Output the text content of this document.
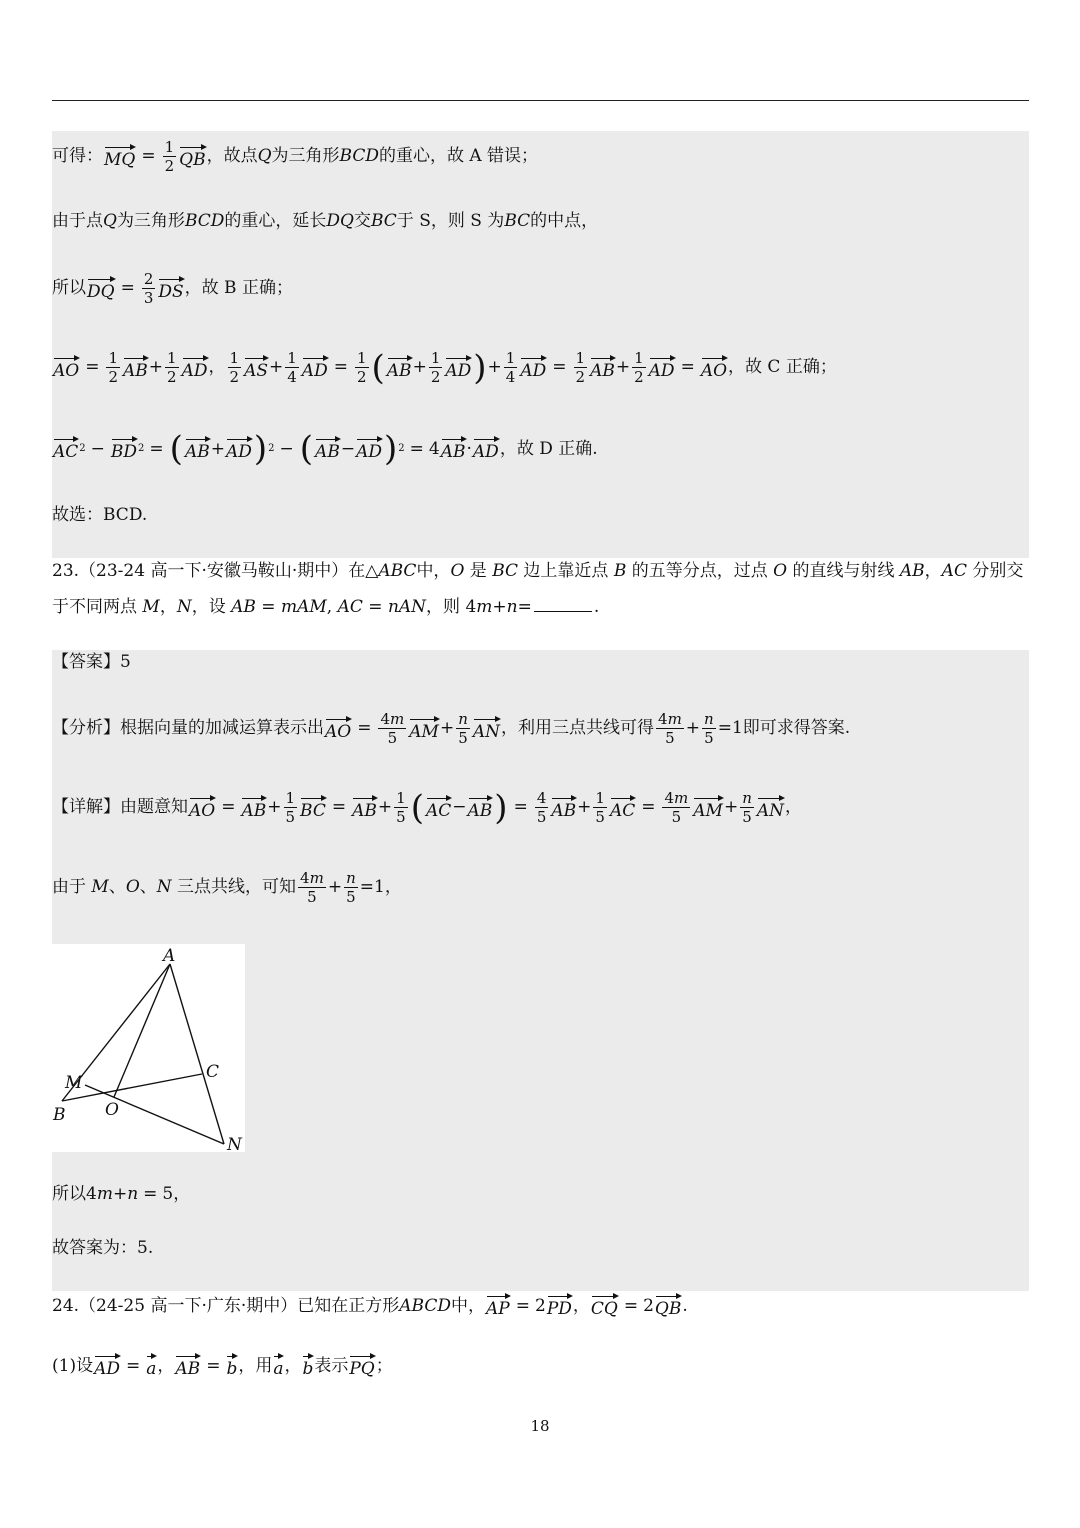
可得： MQ = $\frac{1}{2}$ QB ，故点 Q 为三角形 BCD 的重心，故 A 错误；
由于点 Q 为三角形 BCD 的重心，延长 DQ 交 BC 于 S，则 S 为 BC 的中点，
所以 DQ = $\frac{2}{3}$ DS ，故 B 正确；
AO = $\frac{1}{2}$ AB + $\frac{1}{2}$ AD ， $\frac{1}{2}$ AS + $\frac{1}{4}$ AD = $\frac{1}{2}$ ( AB + $\frac{1}{2}$ AD ) + $\frac{1}{4}$ AD = $\frac{1}{2}$ AB + $\frac{1}{2}$ AD = AO ，故 C 正确；
AC 2 − BD 2 = ( AB + AD ) 2 − ( AB − AD ) 2 = 4 AB · AD ，故 D 正确.
故选：BCD.
23.（23-24 高一下·安徽马鞍山·期中）在△ABC中，O 是 BC 边上靠近点 B 的五等分点，过点 O 的直线与射线 AB，AC 分别交于不同两点 M，N，设 AB = mAM, AC = nAN，则 4m+n=	.
【答案】 5
【分析】 根据向量的加减运算表示出 AO = $\frac{4m}{5}$ AM + $\frac{n}{5}$ AN ，利用三点共线可得 $\frac{4m}{5} + \frac{n}{5} =1$ 即可求得答案.
【详解】 由题意知 AO = AB + $\frac{1}{5}$ BC = AB + $\frac{1}{5}$ ( AC − AB ) = $\frac{4}{5}$ AB + $\frac{1}{5}$ AC = $\frac{4m}{5}$ AM + $\frac{n}{5}$ AN ，
由于
M 、 O 、 N
三点共线，可知 $\frac{4m}{5} + \frac{n}{5} =1$ ，
A
M
B O
C
N
所以 4 m + n = 5 ，
故答案为：5.
24. （24-25 高一下·广东·期中） 已知在正方形 ABCD 中， AP = 2 PD ， CQ = 2 QB .
(1)设 AD = a ， AB = b ，用 a ， b 表示 PQ ；
18
